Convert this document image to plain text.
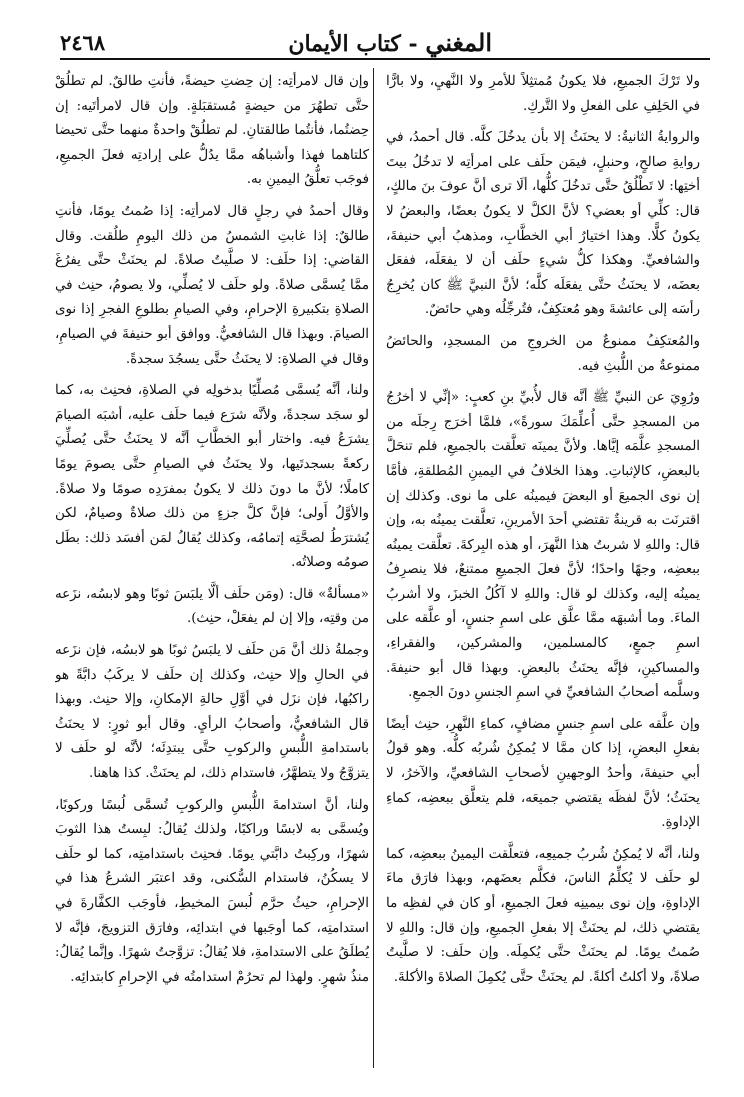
٢٤٦٨	المغني - كتاب الأيمان

ولا تَرْكَ الجميعِ، فلا يكونُ مُمتثِلاً للأمرِ ولا النَّهيِ، ولا بارًّا في الحَلِفِ على الفعلِ ولا التَّركِ.

والروايةُ الثانيةُ: لا يحنَثُ إلا بأن يدخُلَ كلَّه. قال أحمدُ، في روايةِ صالحٍ، وحنبلٍ، فيمَن حلَف على امرأتِه لا تدخُلُ بيتَ أختِها: لا تَطْلُقُ حتَّى تدخُلَ كلُّها، ألَا ترى أنَّ عوفَ بنَ مالكٍ، قال: كلِّي أو بعضي؟ لأنَّ الكلَّ لا يكونُ بعضًا، والبعضُ لا يكونُ كلًّا. وهذا اختيارُ أبي الخطَّابِ، ومذهبُ أبي حنيفةَ، والشافعيِّ. وهكذا كلُّ شيءٍ حلَف أن لا يفعَلَه، ففعَل بعضَه، لا يحنَثُ حتَّى يفعَلَه كلَّه؛ لأنَّ النبيَّ ﷺ كان يُخرِجُ رأسَه إلى عائشةَ وهو مُعتكِفٌ، فتُرجِّلُه وهي حائضٌ.

والمُعتكِفُ ممنوعٌ من الخروجِ من المسجدِ، والحائضُ ممنوعةٌ من اللُّبثِ فيه.

ورُوِيَ عن النبيِّ ﷺ أنَّه قال لأُبيِّ بنِ كعبٍ: «إنِّي لا أخرُجُ من المسجدِ حتَّى أُعلِّمَكَ سورةً»، فلمَّا أخرَج رِجلَه من المسجدِ علَّمَه إيَّاها. ولأنَّ يمينَه تعلَّقت بالجميعِ، فلم تنحَلَّ بالبعضِ، كالإثباتِ. وهذا الخلافُ في اليمينِ المُطلقةِ، فأمَّا إن نوى الجميعَ أو البعضَ فيمينُه على ما نوى. وكذلك إن اقترنَت به قرينةٌ تقتضي أحدَ الأمرينِ، تعلَّقت يمينُه به، وإن قال: واللهِ لا شربتُ هذا النَّهرَ، أو هذه البِركةَ. تعلَّقت يمينُه ببعضِه، وجهًا واحدًا؛ لأنَّ فعلَ الجميعِ ممتنعٌ، فلا ينصرِفُ يمينُه إليه، وكذلك لو قال: واللهِ لا آكُلُ الخبزَ، ولا أشربُ الماءَ. وما أشبهَه ممَّا علَّق على اسمِ جنسٍ، أو علَّقه على اسمِ جمعٍ، كالمسلمين، والمشركين، والفقراءِ، والمساكينِ، فإنَّه يحنَثُ بالبعضِ. وبهذا قال أبو حنيفةَ. وسلَّمه أصحابُ الشافعيِّ في اسمِ الجنسِ دونَ الجمعِ.

وإن علَّقه على اسمِ جنسٍ مضافٍ، كماءِ النَّهرِ، حنِث أيضًا بفعلِ البعضِ، إذا كان ممَّا لا يُمكِنُ شُربُه كلُّه. وهو قولُ أبي حنيفةَ، وأحدُ الوجهينِ لأصحابِ الشافعيِّ، والآخرُ، لا يحنَثُ؛ لأنَّ لفظَه يقتضي جميعَه، فلم يتعلَّق ببعضِه، كماءِ الإداوةِ.

ولنا، أنَّه لا يُمكِنُ شُربُ جميعِه، فتعلَّقت اليمينُ ببعضِه، كما لو حلَف لا يُكلِّمُ الناسَ، فكلَّم بعضَهم، وبهذا فارَق ماءَ الإداوةِ، وإن نوى بيمينِه فعلَ الجميعِ، أو كان في لفظِه ما يقتضي ذلك، لم يحنَثْ إلا بفعلِ الجميعِ، وإن قال: واللهِ لا صُمتُ يومًا. لم يحنَثْ حتَّى يُكمِلَه. وإن حلَف: لا صلَّيتُ صلاةً، ولا أكلتُ أكلةً. لم يحنَثْ حتَّى يُكمِلَ الصلاةَ والأكلةَ.

وإن قال لامرأتِه: إن حِضتِ حيضةً، فأنتِ طالقٌ. لم تطلُقْ حتَّى تطهُرَ من حيضةٍ مُستقبَلةٍ. وإن قال لامرأتَيه: إن حِضتُما، فأنتُما طالقتانِ. لم تطلُقْ واحدةٌ منهما حتَّى تحيضا كلتاهما فهذا وأشباهُه ممَّا يدُلُّ على إرادتِه فعلَ الجميعِ، فوجَب تعلُّقُ اليمينِ به.

وقال أحمدُ في رجلٍ قال لامرأتِه: إذا صُمتُ يومًا، فأنتِ طالقٌ: إذا غابتِ الشمسُ من ذلك اليومِ طلُقت. وقال القاضي: إذا حلَف: لا صلَّيتُ صلاةً. لم يحنَثْ حتَّى يفرُغَ ممَّا يُسمَّى صلاةً. ولو حلَف لا يُصلِّي، ولا يصومُ، حنِث في الصلاةِ بتكبيرةِ الإحرامِ، وفي الصيامِ بطلوعِ الفجرِ إذا نوى الصيامَ. وبهذا قال الشافعيُّ. ووافق أبو حنيفةَ في الصيامِ، وقال في الصلاةِ: لا يحنَثُ حتَّى يسجُدَ سجدةً.

ولنا، أنَّه يُسمَّى مُصلِّيًا بدخولِه في الصلاةِ، فحنِث به، كما لو سجَد سجدةً، ولأنَّه شرَع فيما حلَف عليه، أشبَه الصيامَ يشرَعُ فيه. واختار أبو الخطَّابِ أنَّه لا يحنَثُ حتَّى يُصلِّيَ ركعةً بسجدتَيها، ولا يحنَثُ في الصيامِ حتَّى يصومَ يومًا كاملًا؛ لأنَّ ما دونَ ذلك لا يكونُ بمفرَدِه صومًا ولا صلاةً. والأوَّلُ أَولى؛ فإنَّ كلَّ جزءٍ من ذلك صلاةٌ وصيامٌ، لكن يُشترَطُ لصحَّتِه إتمامُه، وكذلك يُقالُ لمَن أفسَد ذلك: بطَل صومُه وصلاتُه.

«مسألةٌ» قال: (ومَن حلَف ألَّا يلبَسَ ثوبًا وهو لابسُه، نزَعه من وقتِه، وإلا إن لم يفعَلْ، حنِث).

وجملةُ ذلك أنَّ مَن حلَف لا يلبَسُ ثوبًا هو لابسُه، فإن نزَعه في الحالِ وإلا حنِث، وكذلك إن حلَف لا يركَبُ دابَّةً هو راكبُها، فإن نزَل في أوَّلِ حالةِ الإمكانِ، وإلا حنِث. وبهذا قال الشافعيُّ، وأصحابُ الرأيِ. وقال أبو ثورٍ: لا يحنَثُ باستدامةِ اللُّبسِ والركوبِ حتَّى يبتدِئَه؛ لأنَّه لو حلَف لا يتزوَّجُ ولا يتطهَّرُ، فاستدام ذلك، لم يحنَثْ. كذا هاهنا.

ولنا، أنَّ استدامةَ اللُّبسِ والركوبِ تُسمَّى لُبسًا وركوبًا، ويُسمَّى به لابسًا وراكبًا، ولذلك يُقالُ: لبِستُ هذا الثوبَ شهرًا، وركِبتُ دابَّتي يومًا. فحنِث باستدامتِه، كما لو حلَف لا يسكُنُ، فاستدام السُّكنى، وقد اعتبَر الشرعُ هذا في الإحرامِ، حيثُ حرَّم لُبسَ المخيطِ، فأوجَب الكفَّارةَ في استدامتِه، كما أوجَبها في ابتدائِه، وفارَق التزويجَ، فإنَّه لا يُطلَقُ على الاستدامةِ، فلا يُقالُ: تزوَّجتُ شهرًا. وإنَّما يُقالُ: منذُ شهرٍ. ولهذا لم تحرُمْ استدامتُه في الإحرامِ كابتدائِه.
